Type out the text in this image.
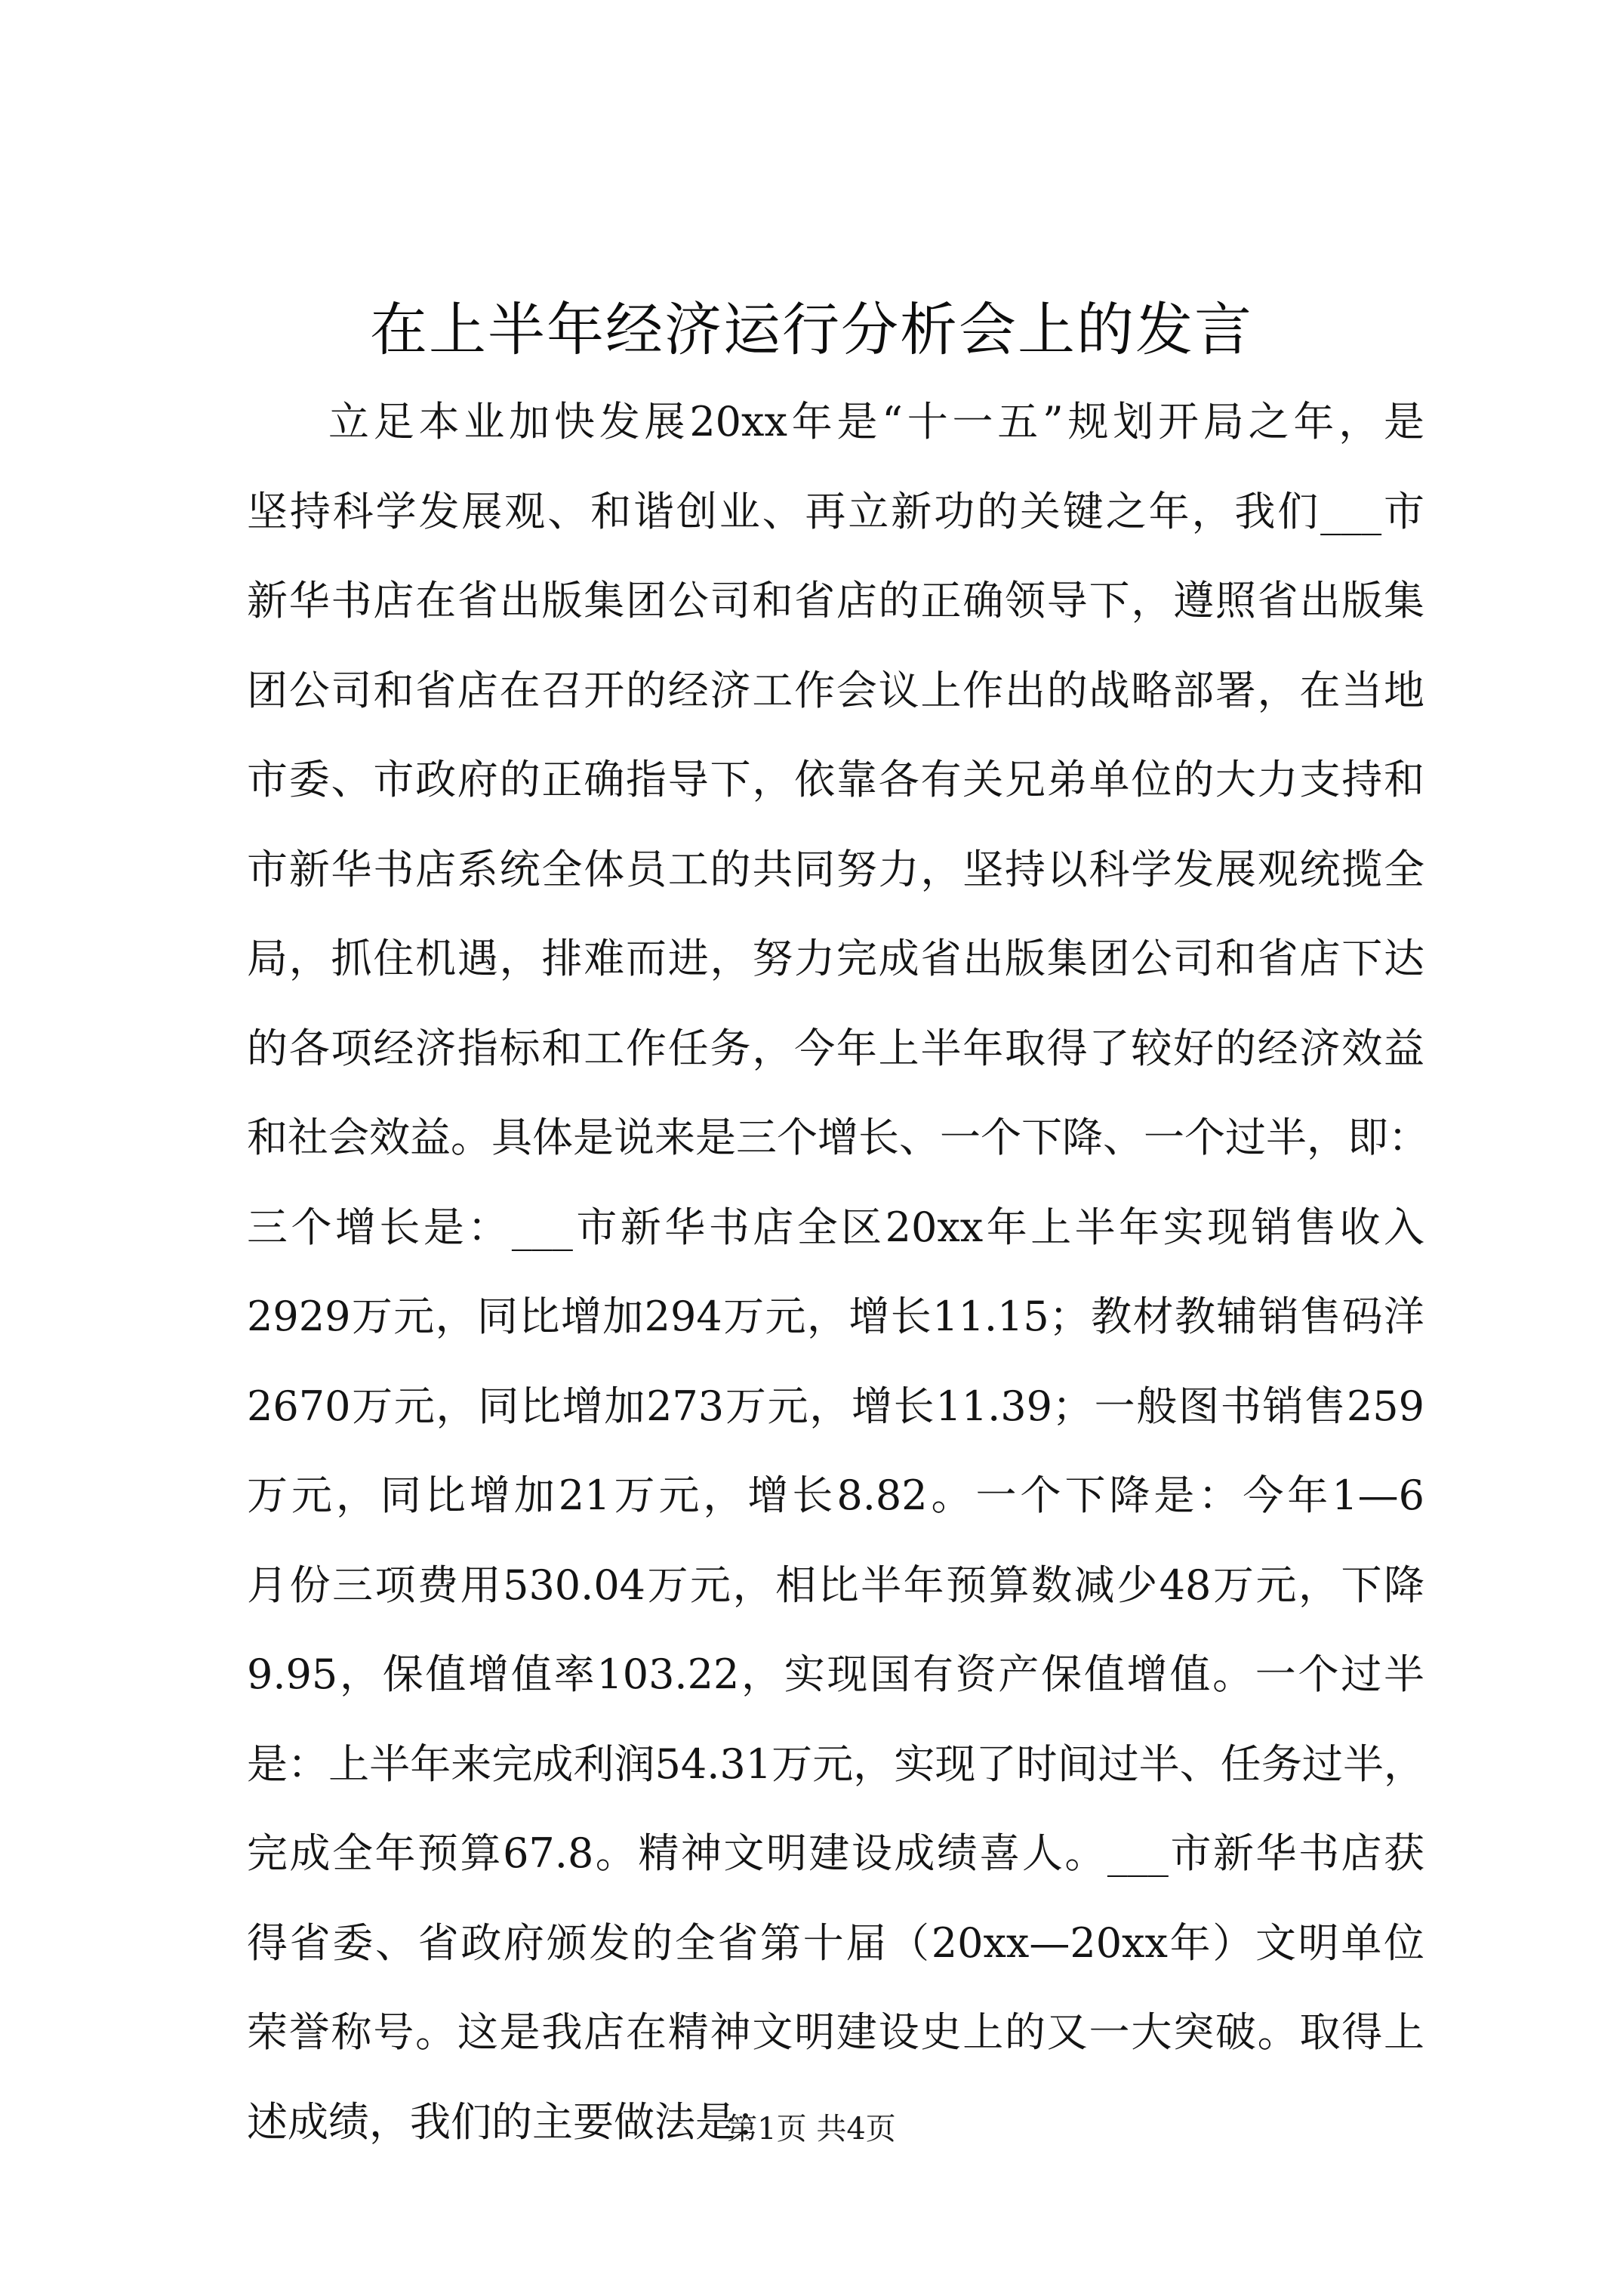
在上半年经济运行分析会上的发言
立足本业加快发展20xx年是“十一五”规划开局之年，是
坚持科学发展观、和谐创业、再立新功的关键之年，我们___市
新华书店在省出版集团公司和省店的正确领导下，遵照省出版集
团公司和省店在召开的经济工作会议上作出的战略部署，在当地
市委、市政府的正确指导下，依靠各有关兄弟单位的大力支持和
市新华书店系统全体员工的共同努力，坚持以科学发展观统揽全
局，抓住机遇，排难而进，努力完成省出版集团公司和省店下达
的各项经济指标和工作任务，今年上半年取得了较好的经济效益
和社会效益。具体是说来是三个增长、一个下降、一个过半，即：
三个增长是：___市新华书店全区20xx年上半年实现销售收入
2929万元，同比增加294万元，增长11.15；教材教辅销售码洋
2670万元，同比增加273万元，增长11.39；一般图书销售259
万元，同比增加21万元，增长8.82。一个下降是：今年1—6
月份三项费用530.04万元，相比半年预算数减少48万元，下降
9.95，保值增值率103.22，实现国有资产保值增值。一个过半
是：上半年来完成利润54.31万元，实现了时间过半、任务过半，
完成全年预算67.8。精神文明建设成绩喜人。___市新华书店获
得省委、省政府颁发的全省第十届（20xx—20xx年）文明单位
荣誉称号。这是我店在精神文明建设史上的又一大突破。取得上
述成绩，我们的主要做法是：
第1页 共4页
